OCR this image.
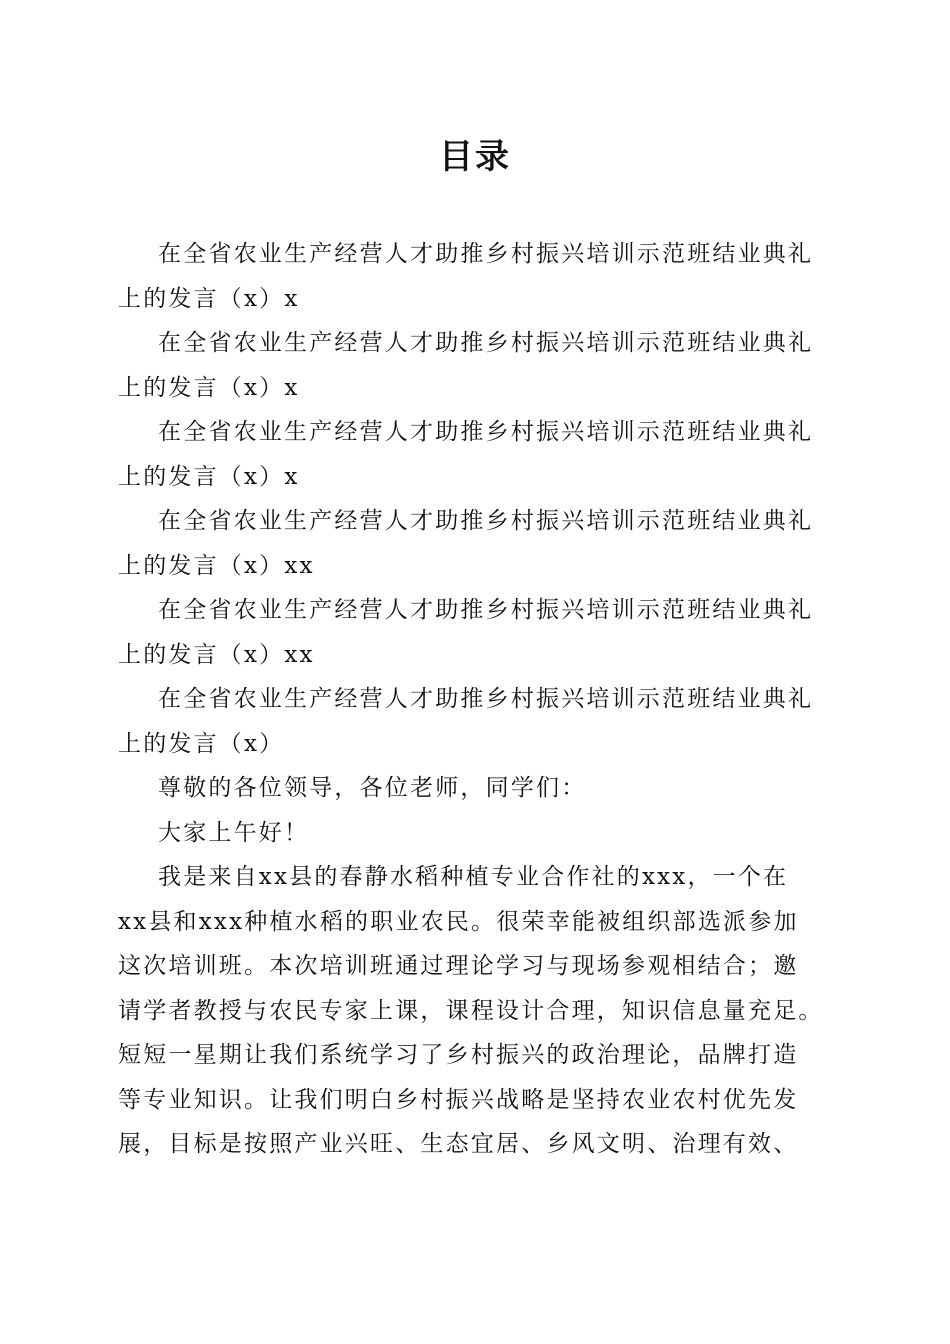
目录
在全省农业生产经营人才助推乡村振兴培训示范班结业典礼
上的发言（x）x
在全省农业生产经营人才助推乡村振兴培训示范班结业典礼
上的发言（x）x
在全省农业生产经营人才助推乡村振兴培训示范班结业典礼
上的发言（x）x
在全省农业生产经营人才助推乡村振兴培训示范班结业典礼
上的发言（x）xx
在全省农业生产经营人才助推乡村振兴培训示范班结业典礼
上的发言（x）xx
在全省农业生产经营人才助推乡村振兴培训示范班结业典礼
上的发言（x）

尊敬的各位领导，各位老师，同学们：

大家上午好！

我是来自xx县的春静水稻种植专业合作社的xxx，一个在
xx县和xxx种植水稻的职业农民。很荣幸能被组织部选派参加
这次培训班。本次培训班通过理论学习与现场参观相结合；邀
请学者教授与农民专家上课，课程设计合理，知识信息量充足。
短短一星期让我们系统学习了乡村振兴的政治理论，品牌打造
等专业知识。让我们明白乡村振兴战略是坚持农业农村优先发
展，目标是按照产业兴旺、生态宜居、乡风文明、治理有效、
